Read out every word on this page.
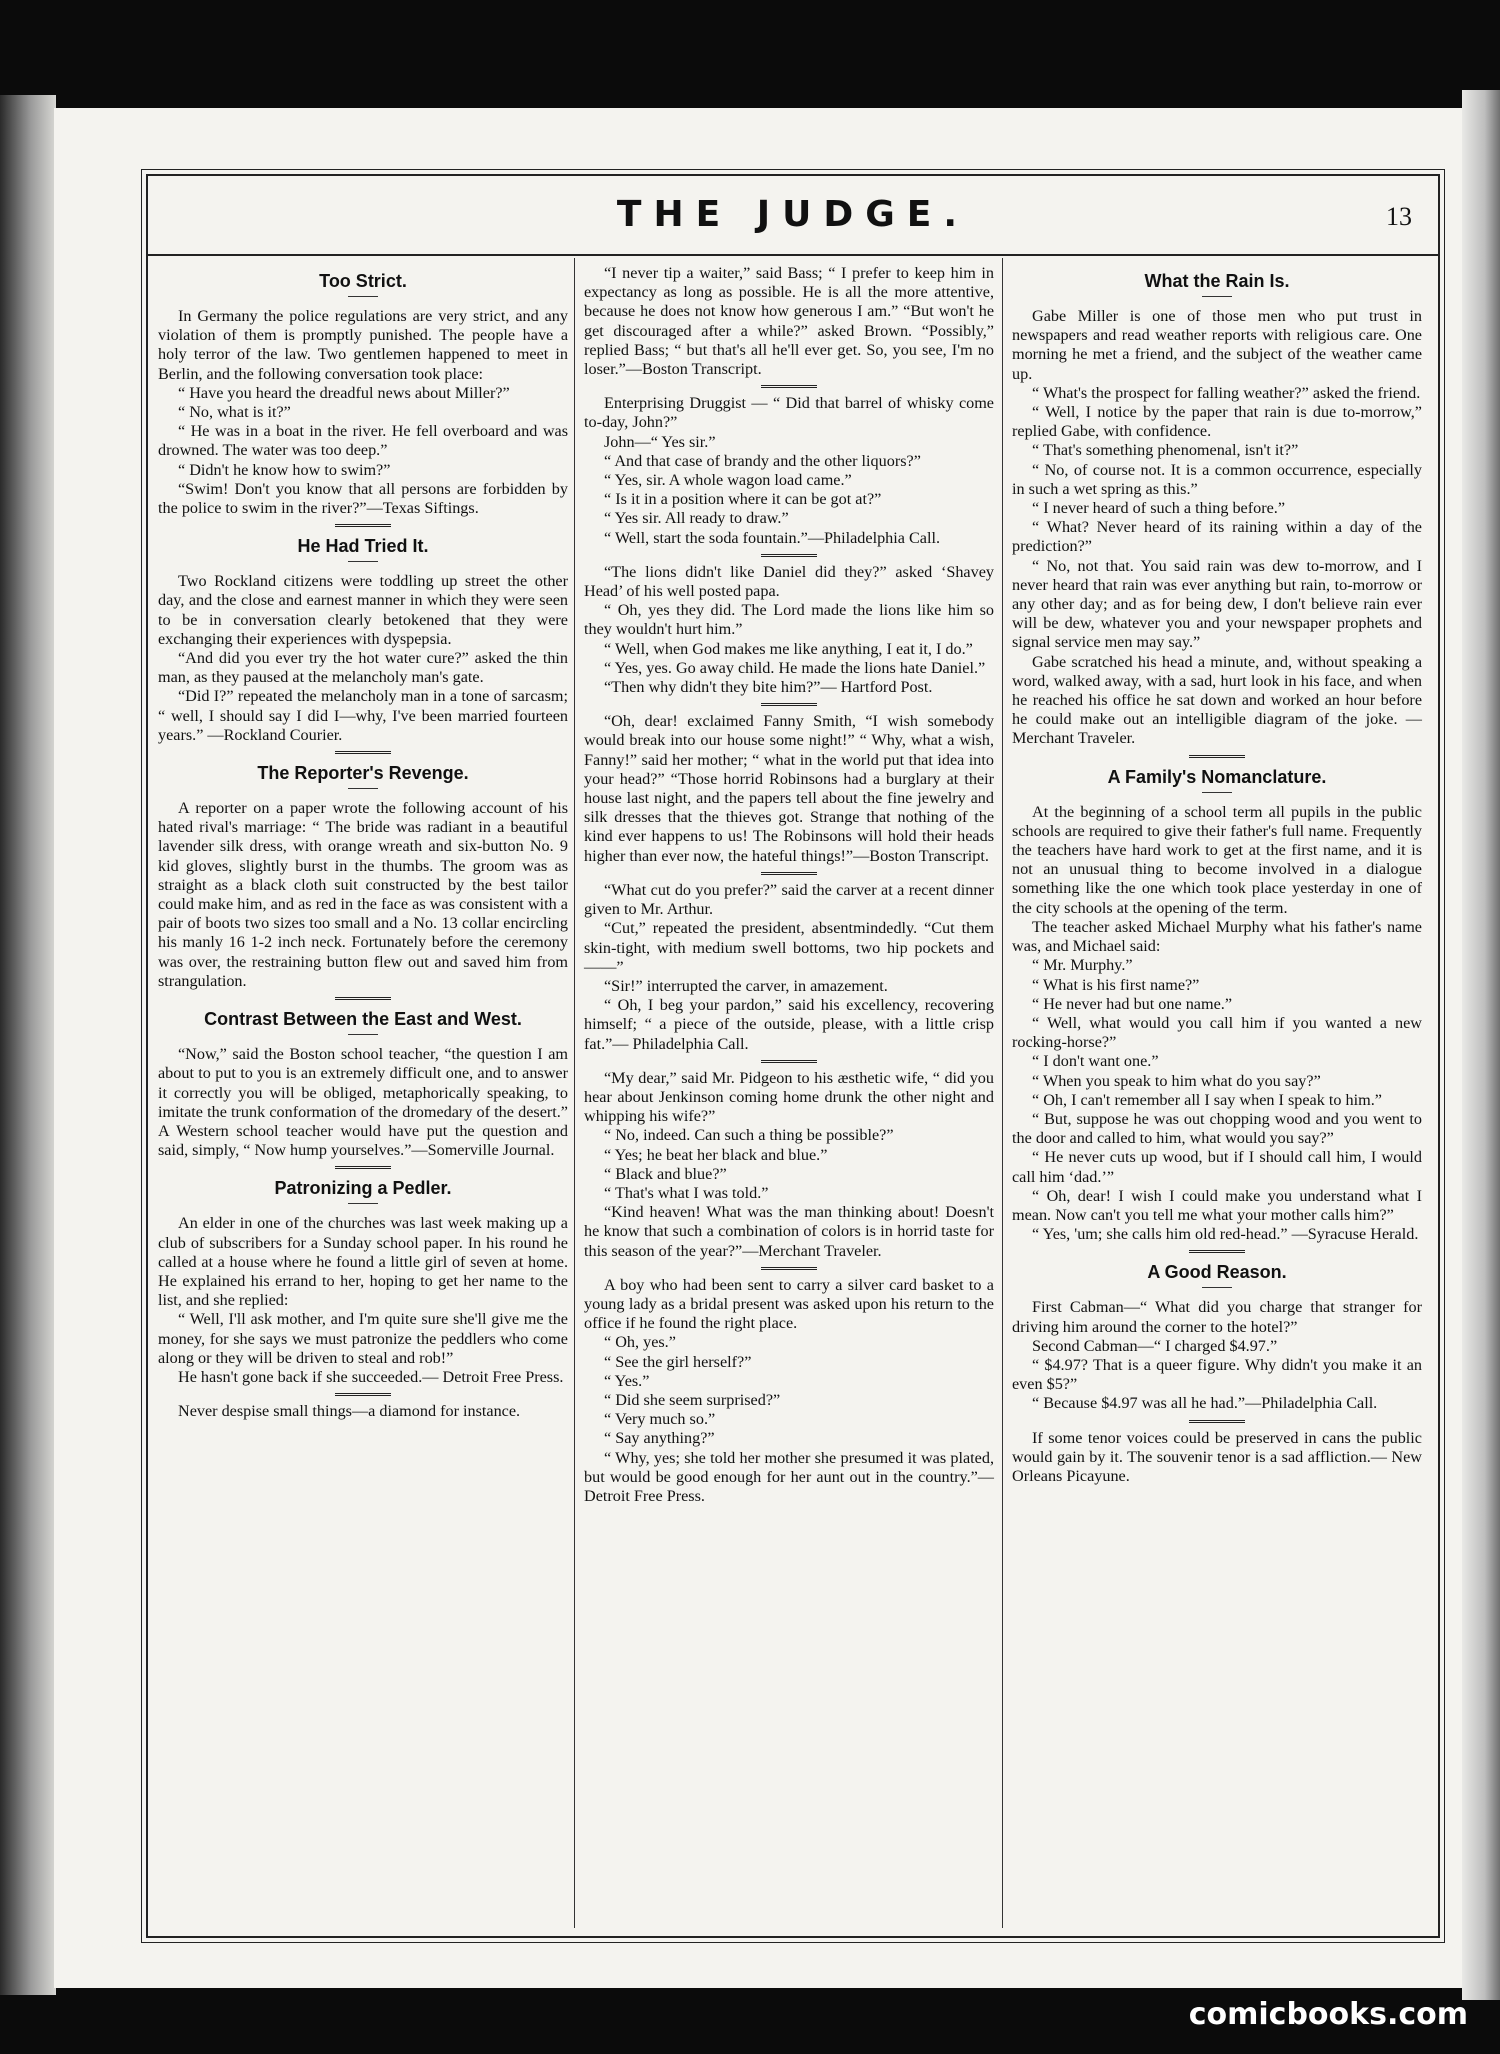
THE JUDGE.	13
Too Strict.

In Germany the police regulations are very strict, and any violation of them is promptly punished. The people have a holy terror of the law. Two gentlemen happened to meet in Berlin, and the following conversation took place:

“ Have you heard the dreadful news about Miller?”

“ No, what is it?”

“ He was in a boat in the river. He fell overboard and was drowned. The water was too deep.”

“ Didn't he know how to swim?”

“Swim! Don't you know that all persons are forbidden by the police to swim in the river?”—Texas Siftings.

He Had Tried It.

Two Rockland citizens were toddling up street the other day, and the close and earnest manner in which they were seen to be in conversation clearly betokened that they were exchanging their experiences with dyspepsia.

“And did you ever try the hot water cure?” asked the thin man, as they paused at the melancholy man's gate.

“Did I?” repeated the melancholy man in a tone of sarcasm; “ well, I should say I did I—why, I've been married fourteen years.” —Rockland Courier.

The Reporter's Revenge.

A reporter on a paper wrote the following account of his hated rival's marriage: “ The bride was radiant in a beautiful lavender silk dress, with orange wreath and six-button No. 9 kid gloves, slightly burst in the thumbs. The groom was as straight as a black cloth suit constructed by the best tailor could make him, and as red in the face as was consistent with a pair of boots two sizes too small and a No. 13 collar encircling his manly 16 1-2 inch neck. Fortunately before the ceremony was over, the restraining button flew out and saved him from strangulation.

Contrast Between the East and West.

“Now,” said the Boston school teacher, “the question I am about to put to you is an extremely difficult one, and to answer it correctly you will be obliged, metaphorically speaking, to imitate the trunk conformation of the dromedary of the desert.” A Western school teacher would have put the question and said, simply, “ Now hump yourselves.”—Somerville Journal.

Patronizing a Pedler.

An elder in one of the churches was last week making up a club of subscribers for a Sunday school paper. In his round he called at a house where he found a little girl of seven at home. He explained his errand to her, hoping to get her name to the list, and she replied:

“ Well, I'll ask mother, and I'm quite sure she'll give me the money, for she says we must patronize the peddlers who come along or they will be driven to steal and rob!”

He hasn't gone back if she succeeded.— Detroit Free Press.

Never despise small things—a diamond for instance.

“I never tip a waiter,” said Bass; “ I prefer to keep him in expectancy as long as possible. He is all the more attentive, because he does not know how generous I am.” “But won't he get discouraged after a while?” asked Brown. “Possibly,” replied Bass; “ but that's all he'll ever get. So, you see, I'm no loser.”—Boston Transcript.

Enterprising Druggist — “ Did that barrel of whisky come to-day, John?”

John—“ Yes sir.”

“ And that case of brandy and the other liquors?”

“ Yes, sir. A whole wagon load came.”

“ Is it in a position where it can be got at?”

“ Yes sir. All ready to draw.”

“ Well, start the soda fountain.”—Philadelphia Call.

“The lions didn't like Daniel did they?” asked ‘Shavey Head’ of his well posted papa.

“ Oh, yes they did. The Lord made the lions like him so they wouldn't hurt him.”

“ Well, when God makes me like anything, I eat it, I do.”

“ Yes, yes. Go away child. He made the lions hate Daniel.”

“Then why didn't they bite him?”— Hartford Post.

“Oh, dear! exclaimed Fanny Smith, “I wish somebody would break into our house some night!” “ Why, what a wish, Fanny!” said her mother; “ what in the world put that idea into your head?” “Those horrid Robinsons had a burglary at their house last night, and the papers tell about the fine jewelry and silk dresses that the thieves got. Strange that nothing of the kind ever happens to us! The Robinsons will hold their heads higher than ever now, the hateful things!”—Boston Transcript.

“What cut do you prefer?” said the carver at a recent dinner given to Mr. Arthur.

“Cut,” repeated the president, absentmindedly. “Cut them skin-tight, with medium swell bottoms, two hip pockets and——”

“Sir!” interrupted the carver, in amazement.

“ Oh, I beg your pardon,” said his excellency, recovering himself; “ a piece of the outside, please, with a little crisp fat.”— Philadelphia Call.

“My dear,” said Mr. Pidgeon to his æsthetic wife, “ did you hear about Jenkinson coming home drunk the other night and whipping his wife?”

“ No, indeed. Can such a thing be possible?”

“ Yes; he beat her black and blue.”

“ Black and blue?”

“ That's what I was told.”

“Kind heaven! What was the man thinking about! Doesn't he know that such a combination of colors is in horrid taste for this season of the year?”—Merchant Traveler.

A boy who had been sent to carry a silver card basket to a young lady as a bridal present was asked upon his return to the office if he found the right place.

“ Oh, yes.”

“ See the girl herself?”

“ Yes.”

“ Did she seem surprised?”

“ Very much so.”

“ Say anything?”

“ Why, yes; she told her mother she presumed it was plated, but would be good enough for her aunt out in the country.”— Detroit Free Press.

What the Rain Is.

Gabe Miller is one of those men who put trust in newspapers and read weather reports with religious care. One morning he met a friend, and the subject of the weather came up.

“ What's the prospect for falling weather?” asked the friend.

“ Well, I notice by the paper that rain is due to-morrow,” replied Gabe, with confidence.

“ That's something phenomenal, isn't it?”

“ No, of course not. It is a common occurrence, especially in such a wet spring as this.”

“ I never heard of such a thing before.”

“ What? Never heard of its raining within a day of the prediction?”

“ No, not that. You said rain was dew to-morrow, and I never heard that rain was ever anything but rain, to-morrow or any other day; and as for being dew, I don't believe rain ever will be dew, whatever you and your newspaper prophets and signal service men may say.”

Gabe scratched his head a minute, and, without speaking a word, walked away, with a sad, hurt look in his face, and when he reached his office he sat down and worked an hour before he could make out an intelligible diagram of the joke. — Merchant Traveler.

A Family's Nomanclature.

At the beginning of a school term all pupils in the public schools are required to give their father's full name. Frequently the teachers have hard work to get at the first name, and it is not an unusual thing to become involved in a dialogue something like the one which took place yesterday in one of the city schools at the opening of the term.

The teacher asked Michael Murphy what his father's name was, and Michael said:

“ Mr. Murphy.”

“ What is his first name?”

“ He never had but one name.”

“ Well, what would you call him if you wanted a new rocking-horse?”

“ I don't want one.”

“ When you speak to him what do you say?”

“ Oh, I can't remember all I say when I speak to him.”

“ But, suppose he was out chopping wood and you went to the door and called to him, what would you say?”

“ He never cuts up wood, but if I should call him, I would call him ‘dad.’”

“ Oh, dear! I wish I could make you understand what I mean. Now can't you tell me what your mother calls him?”

“ Yes, 'um; she calls him old red-head.” —Syracuse Herald.

A Good Reason.

First Cabman—“ What did you charge that stranger for driving him around the corner to the hotel?”

Second Cabman—“ I charged $4.97.”

“ $4.97? That is a queer figure. Why didn't you make it an even $5?”

“ Because $4.97 was all he had.”—Philadelphia Call.

If some tenor voices could be preserved in cans the public would gain by it. The souvenir tenor is a sad affliction.— New Orleans Picayune.

comicbooks.com
